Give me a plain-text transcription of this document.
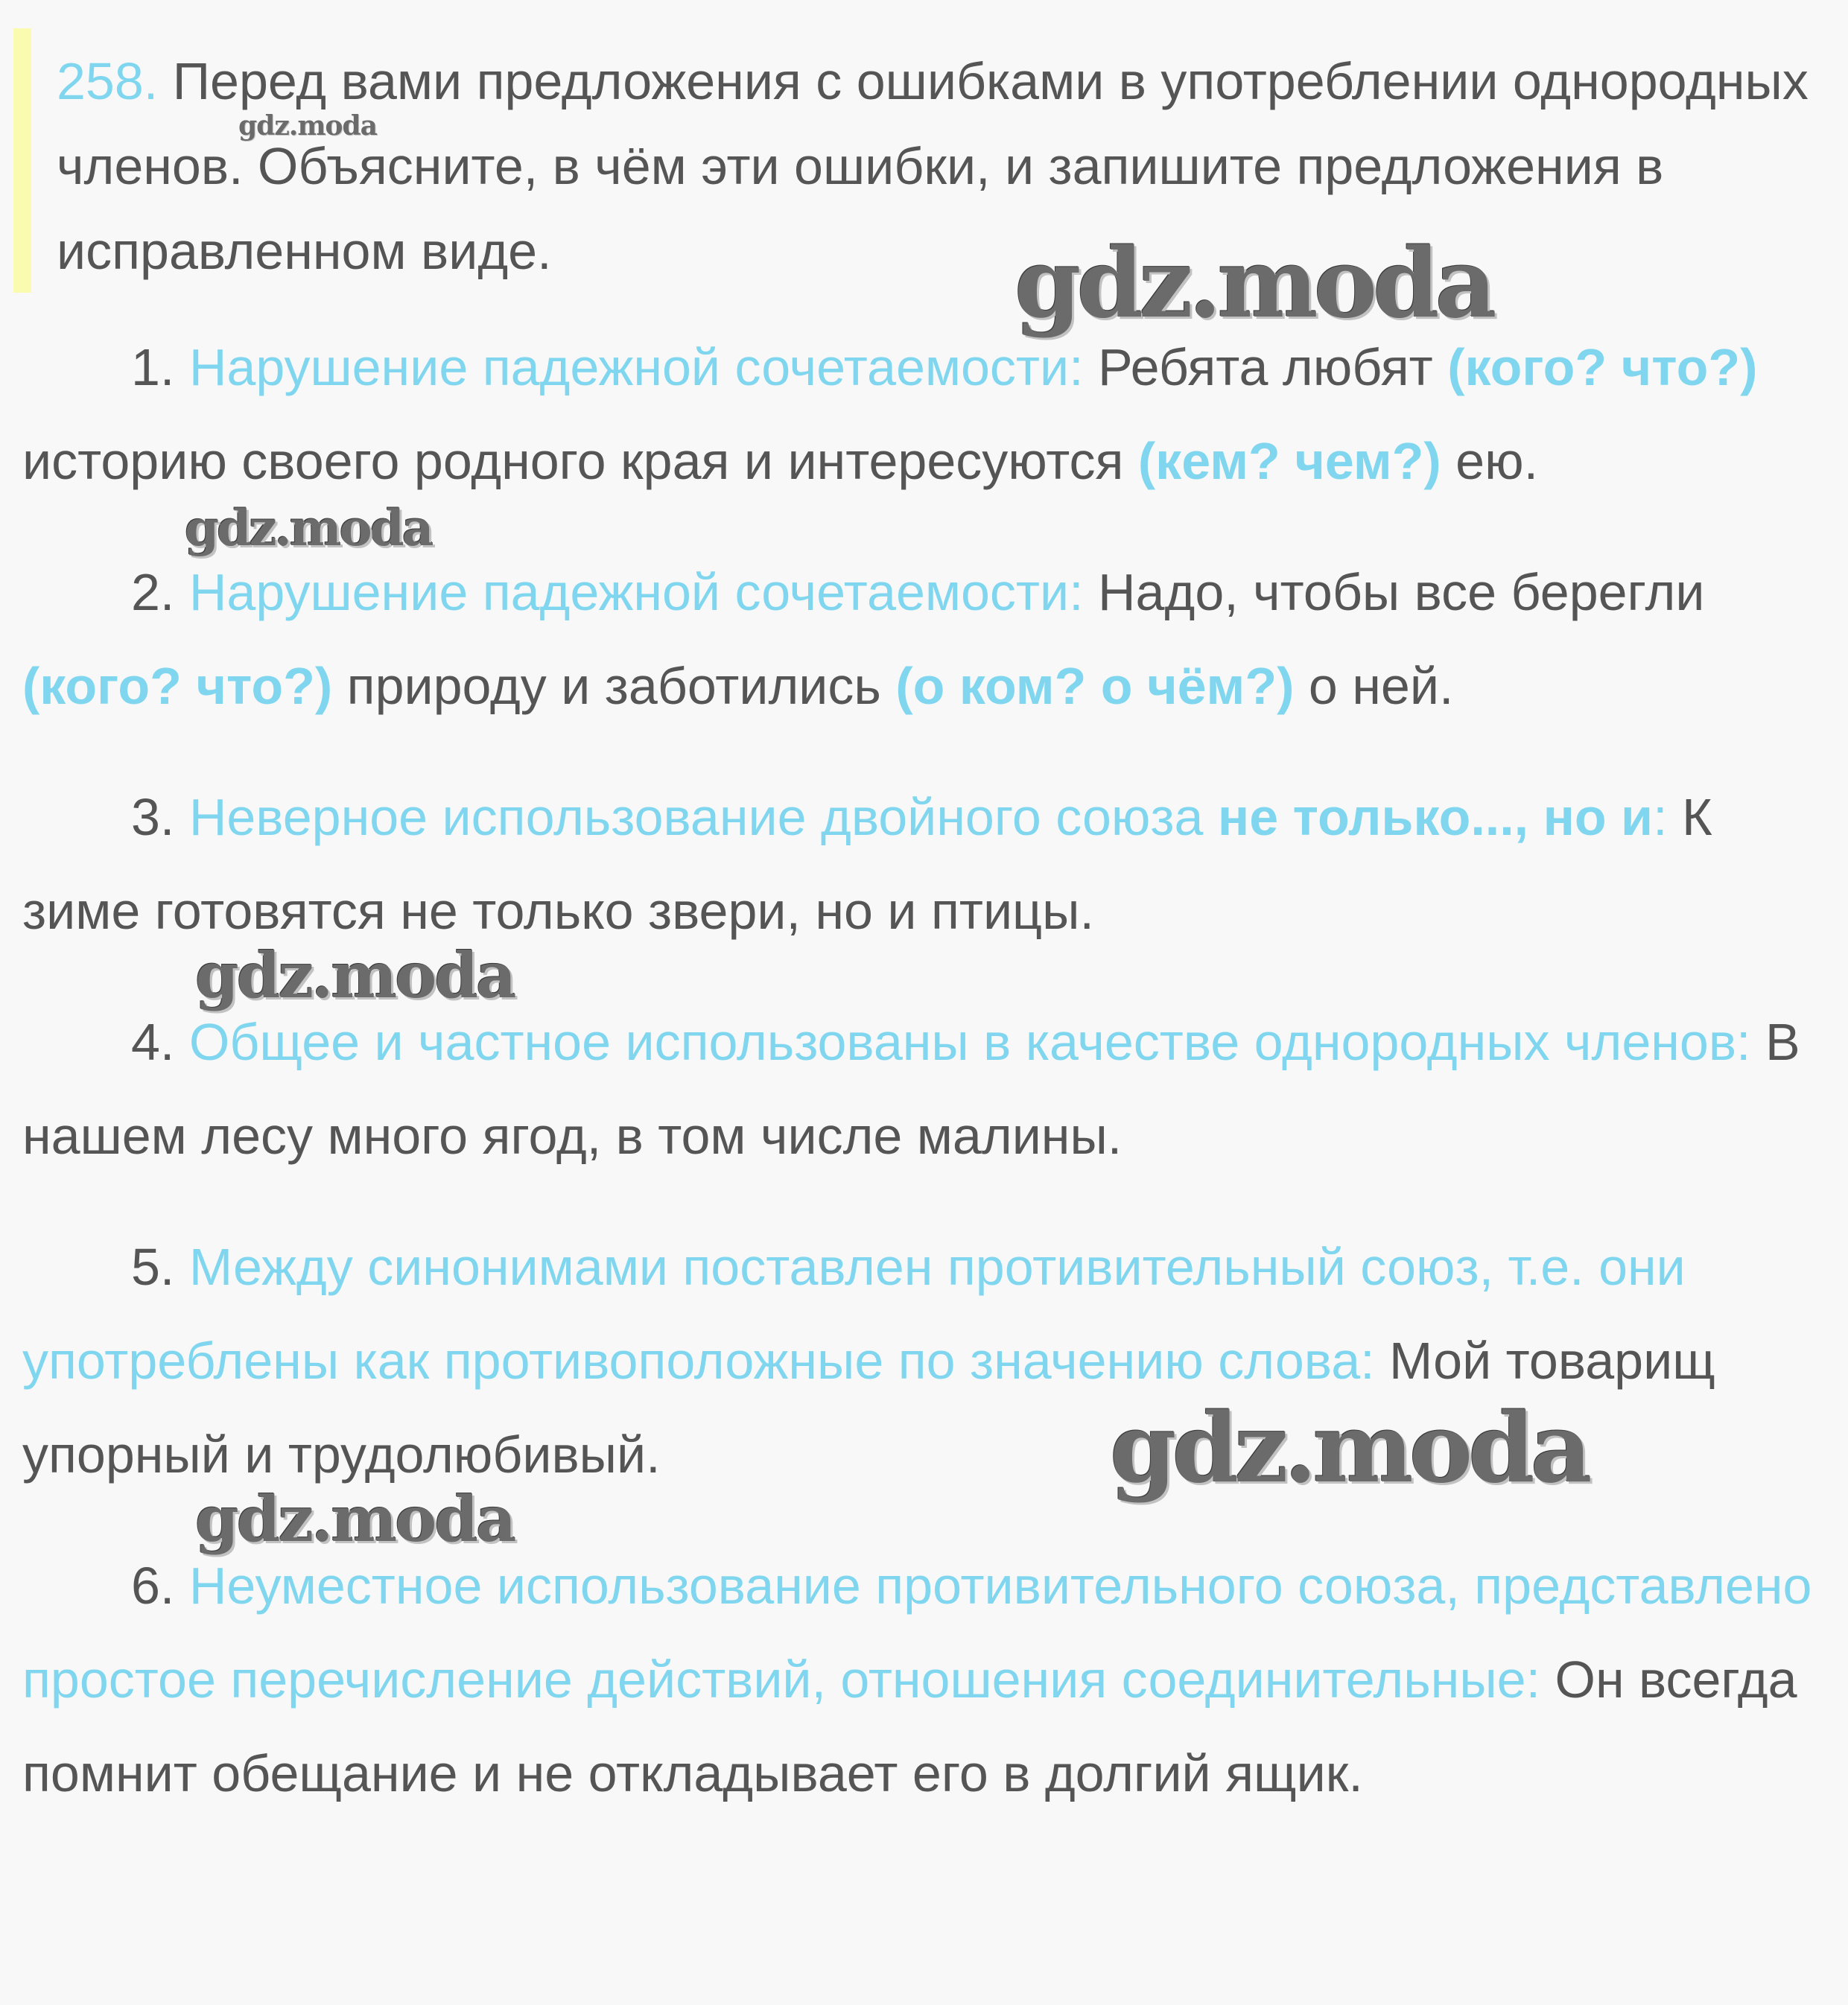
258. Перед вами предложения с ошибками в употреблении однородных членов. Объясните, в чём эти ошибки, и запишите предложения в исправленном виде.

1. Нарушение падежной сочетаемости: Ребята любят (кого? что?) историю своего родного края и интересуются (кем? чем?) ею.

2. Нарушение падежной сочетаемости: Надо, чтобы все берегли (кого? что?) природу и заботились (о ком? о чём?) о ней.

3. Неверное использование двойного союза не только..., но и: К зиме готовятся не только звери, но и птицы.

4. Общее и частное использованы в качестве однородных членов: В нашем лесу много ягод, в том числе малины.

5. Между синонимами поставлен противительный союз, т.е. они употреблены как противоположные по значению слова: Мой товарищ упорный и трудолюбивый.

6. Неуместное использование противительного союза, представлено простое перечисление действий, отношения соединительные: Он всегда помнит обещание и не откладывает его в долгий ящик.

gdz.moda
gdz.moda
gdz.moda
gdz.moda
gdz.moda
gdz.moda
